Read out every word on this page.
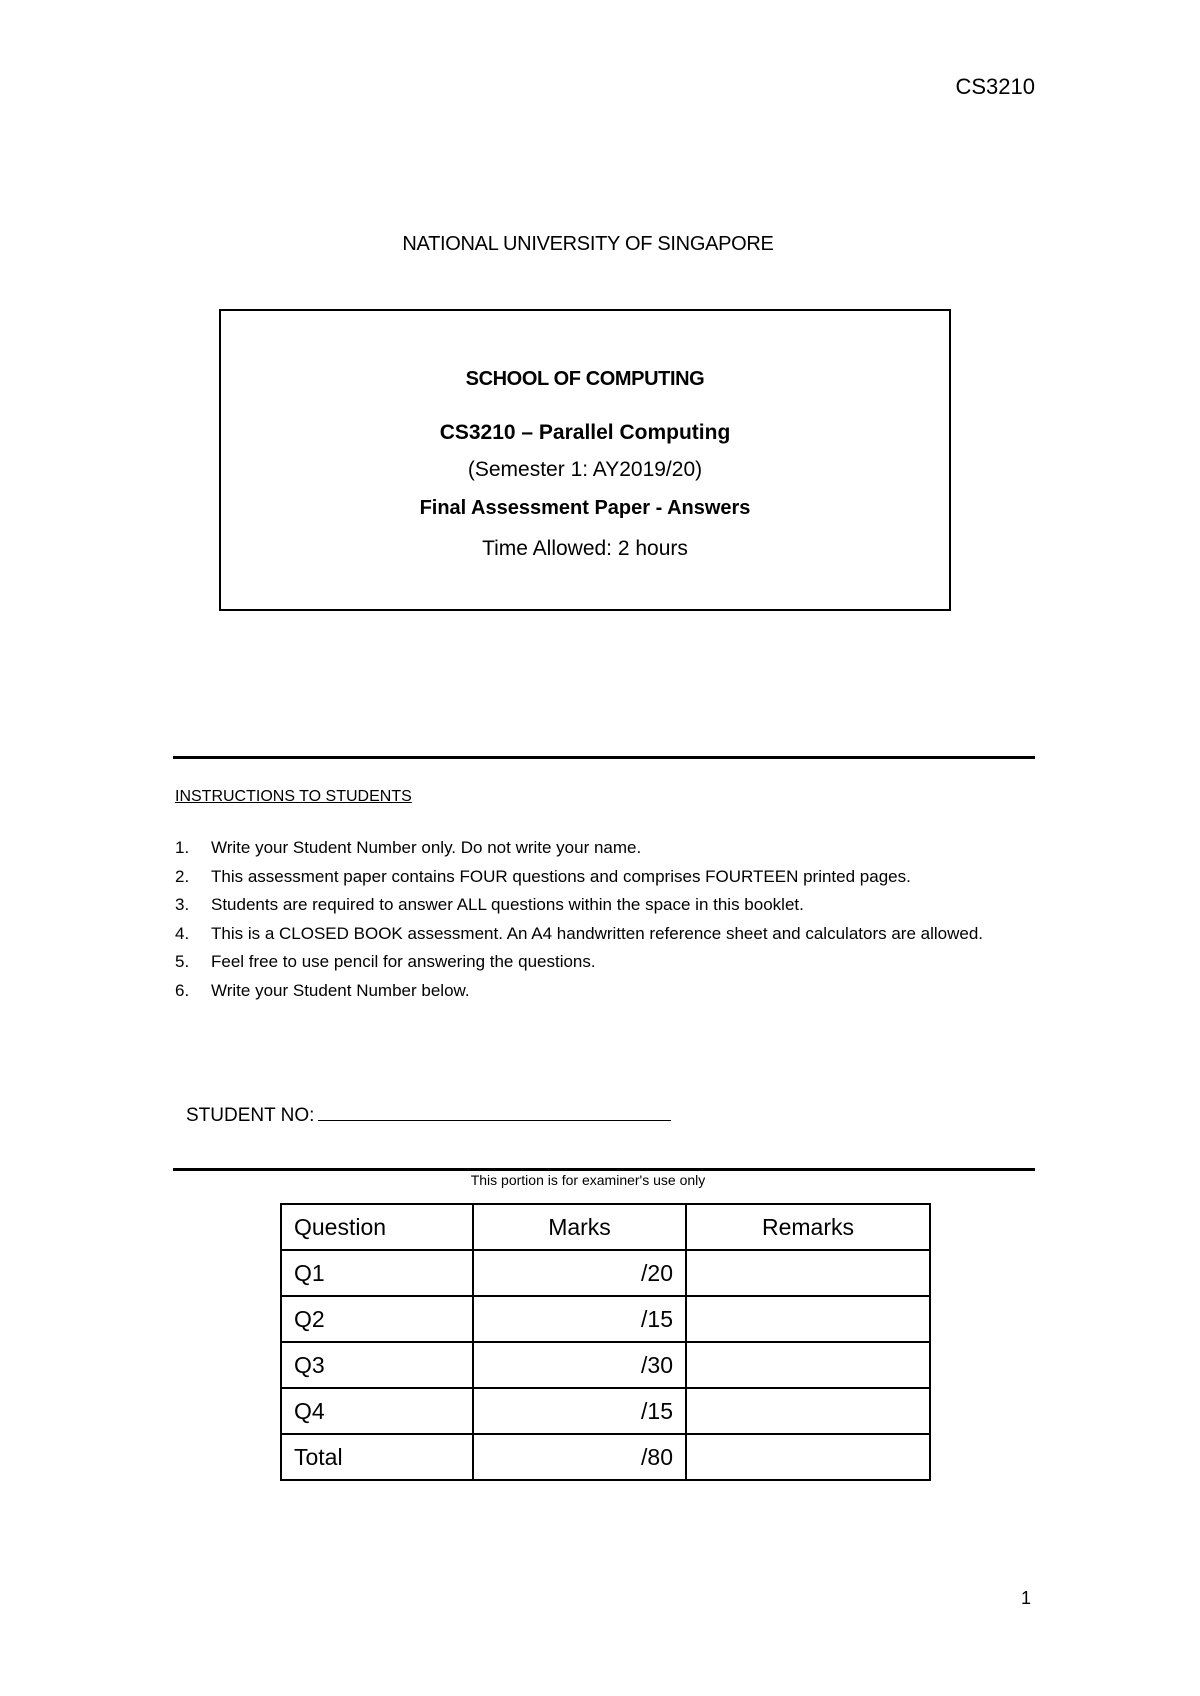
CS3210
NATIONAL UNIVERSITY OF SINGAPORE
SCHOOL OF COMPUTING
CS3210 – Parallel Computing
(Semester 1: AY2019/20)
Final Assessment Paper - Answers
Time Allowed: 2 hours
INSTRUCTIONS TO STUDENTS
1. Write your Student Number only. Do not write your name.
2. This assessment paper contains FOUR questions and comprises FOURTEEN printed pages.
3. Students are required to answer ALL questions within the space in this booklet.
4. This is a CLOSED BOOK assessment. An A4 handwritten reference sheet and calculators are allowed.
5. Feel free to use pencil for answering the questions.
6. Write your Student Number below.
STUDENT NO:
This portion is for examiner's use only
Question	Marks	Remarks
Q1	/20	
Q2	/15	
Q3	/30	
Q4	/15	
Total	/80	
1
